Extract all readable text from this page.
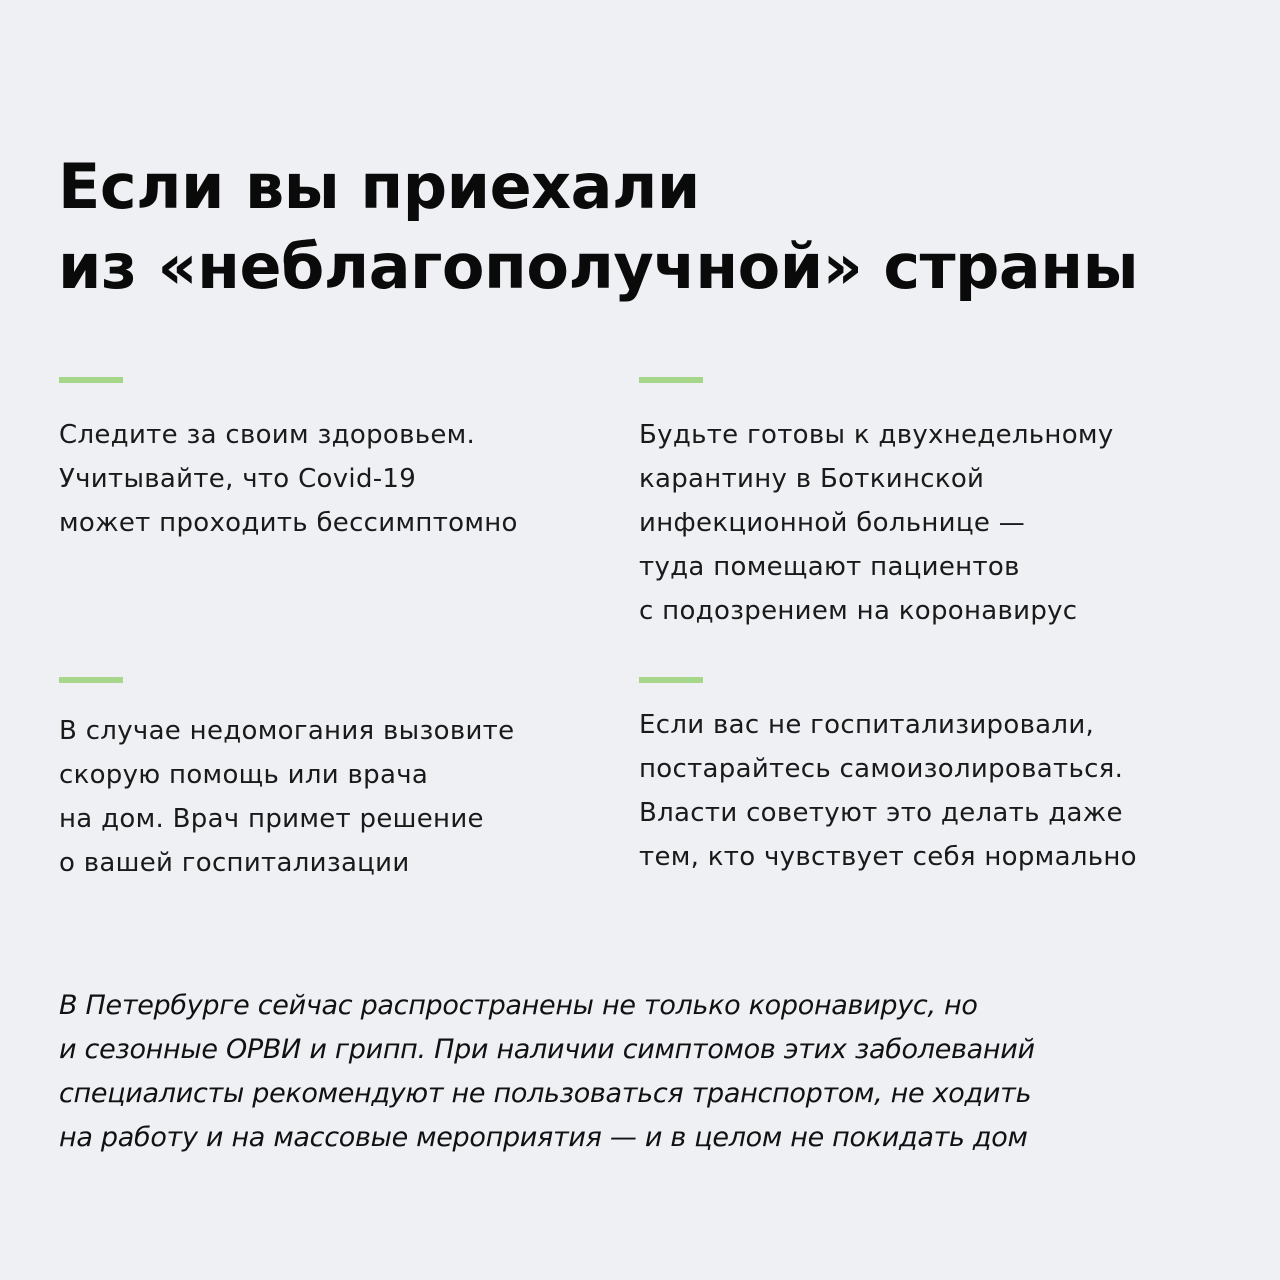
Если вы приехали
из «неблагополучной» страны
Следите за своим здоровьем.
Учитывайте, что Covid-19
может проходить бессимптомно
Будьте готовы к двухнедельному
карантину в Боткинской
инфекционной больнице —
туда помещают пациентов
с подозрением на коронавирус
В случае недомогания вызовите
скорую помощь или врача
на дом. Врач примет решение
о вашей госпитализации
Если вас не госпитализировали,
постарайтесь самоизолироваться.
Власти советуют это делать даже
тем, кто чувствует себя нормально
В Петербурге сейчас распространены не только коронавирус, но
и сезонные ОРВИ и грипп. При наличии симптомов этих заболеваний
специалисты рекомендуют не пользоваться транспортом, не ходить
на работу и на массовые мероприятия — и в целом не покидать дом
